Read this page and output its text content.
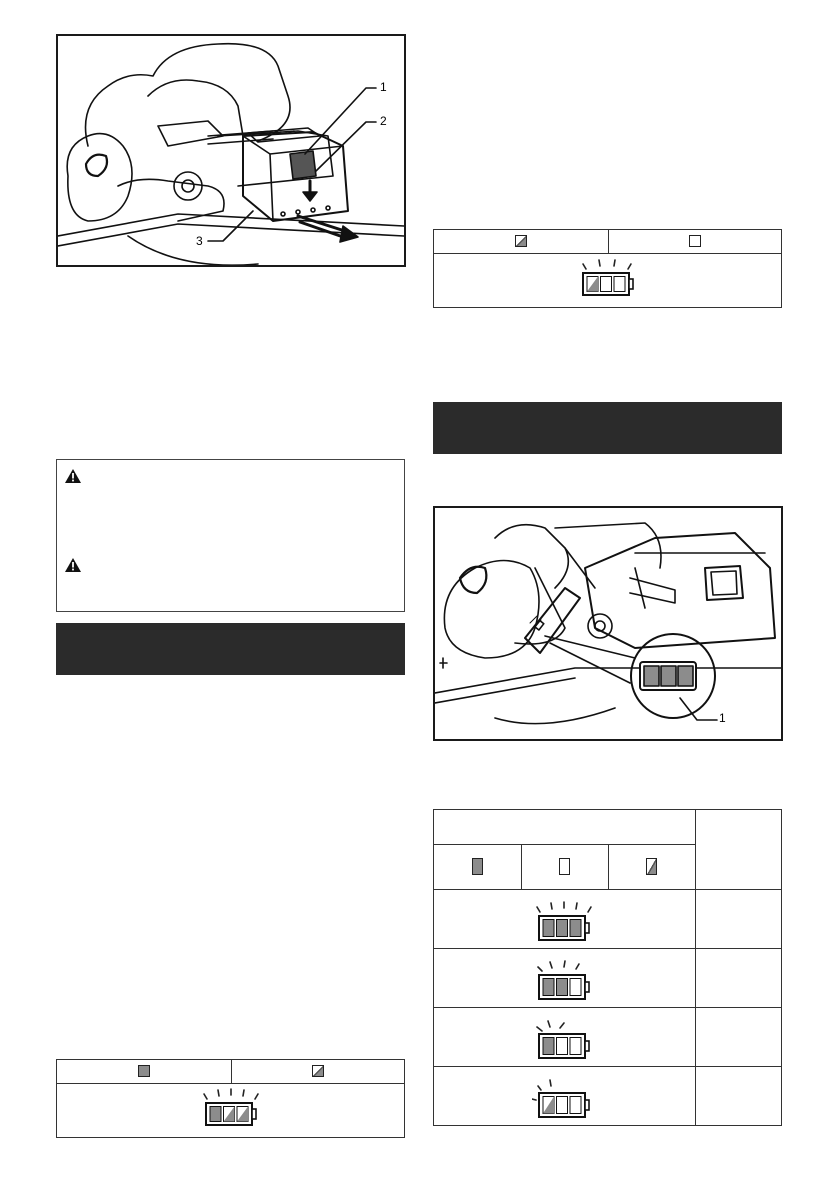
1
2
3

1
